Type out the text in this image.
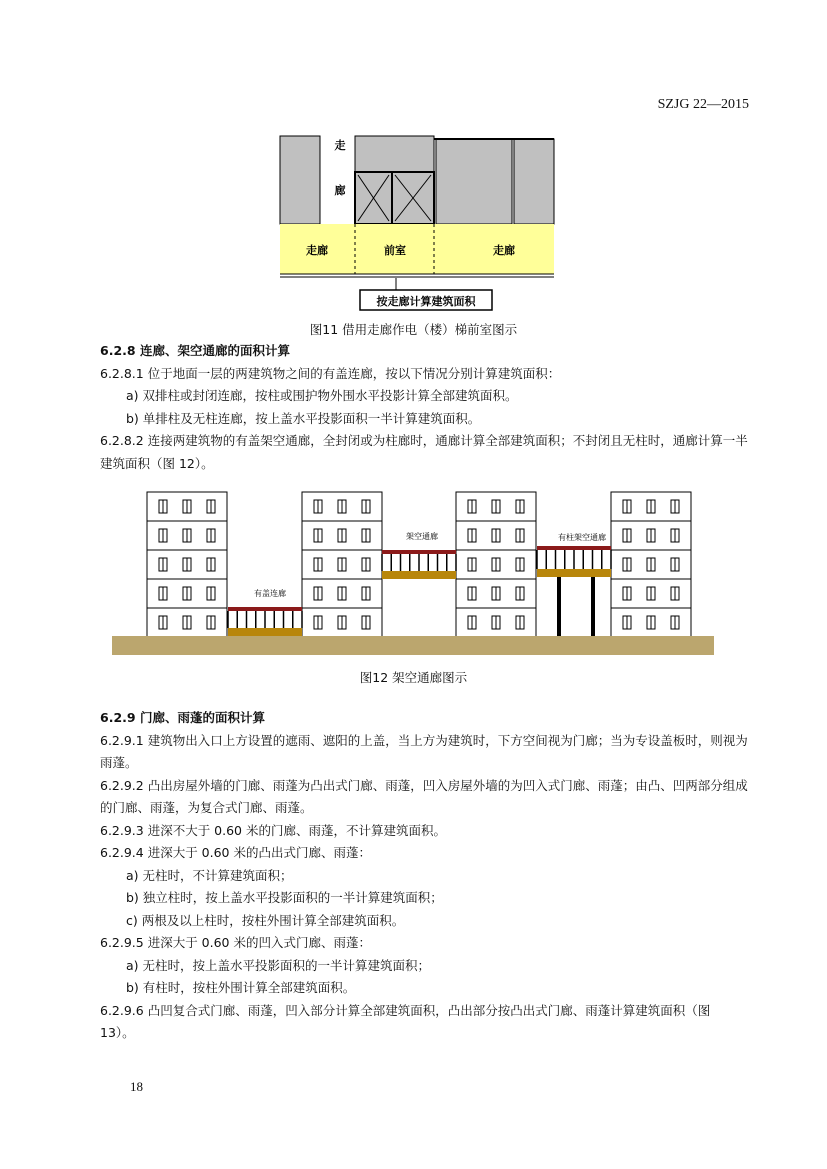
SZJG 22—2015
走
廊
走廊	前室	走廊
按走廊计算建筑面积
图11 借用走廊作电（楼）梯前室图示

6.2.8 连廊、架空通廊的面积计算

6.2.8.1 位于地面一层的两建筑物之间的有盖连廊，按以下情况分别计算建筑面积：

a) 双排柱或封闭连廊，按柱或围护物外围水平投影计算全部建筑面积。

b) 单排柱及无柱连廊，按上盖水平投影面积一半计算建筑面积。

6.2.8.2 连接两建筑物的有盖架空通廊，全封闭或为柱廊时，通廊计算全部建筑面积；不封闭且无柱时，通廊计算一半建筑面积（图 12）。

有盖连廊
架空通廊	有柱架空通廊
图12 架空通廊图示

6.2.9 门廊、雨蓬的面积计算

6.2.9.1 建筑物出入口上方设置的遮雨、遮阳的上盖，当上方为建筑时，下方空间视为门廊；当为专设盖板时，则视为雨蓬。

6.2.9.2 凸出房屋外墙的门廊、雨蓬为凸出式门廊、雨蓬，凹入房屋外墙的为凹入式门廊、雨蓬；由凸、凹两部分组成的门廊、雨蓬，为复合式门廊、雨蓬。

6.2.9.3 进深不大于 0.60 米的门廊、雨蓬，不计算建筑面积。

6.2.9.4 进深大于 0.60 米的凸出式门廊、雨蓬：

a) 无柱时，不计算建筑面积；

b) 独立柱时，按上盖水平投影面积的一半计算建筑面积；

c) 两根及以上柱时，按柱外围计算全部建筑面积。

6.2.9.5 进深大于 0.60 米的凹入式门廊、雨蓬：

a) 无柱时，按上盖水平投影面积的一半计算建筑面积；

b) 有柱时，按柱外围计算全部建筑面积。

6.2.9.6 凸凹复合式门廊、雨蓬，凹入部分计算全部建筑面积，凸出部分按凸出式门廊、雨蓬计算建筑面积（图 13）。

18
